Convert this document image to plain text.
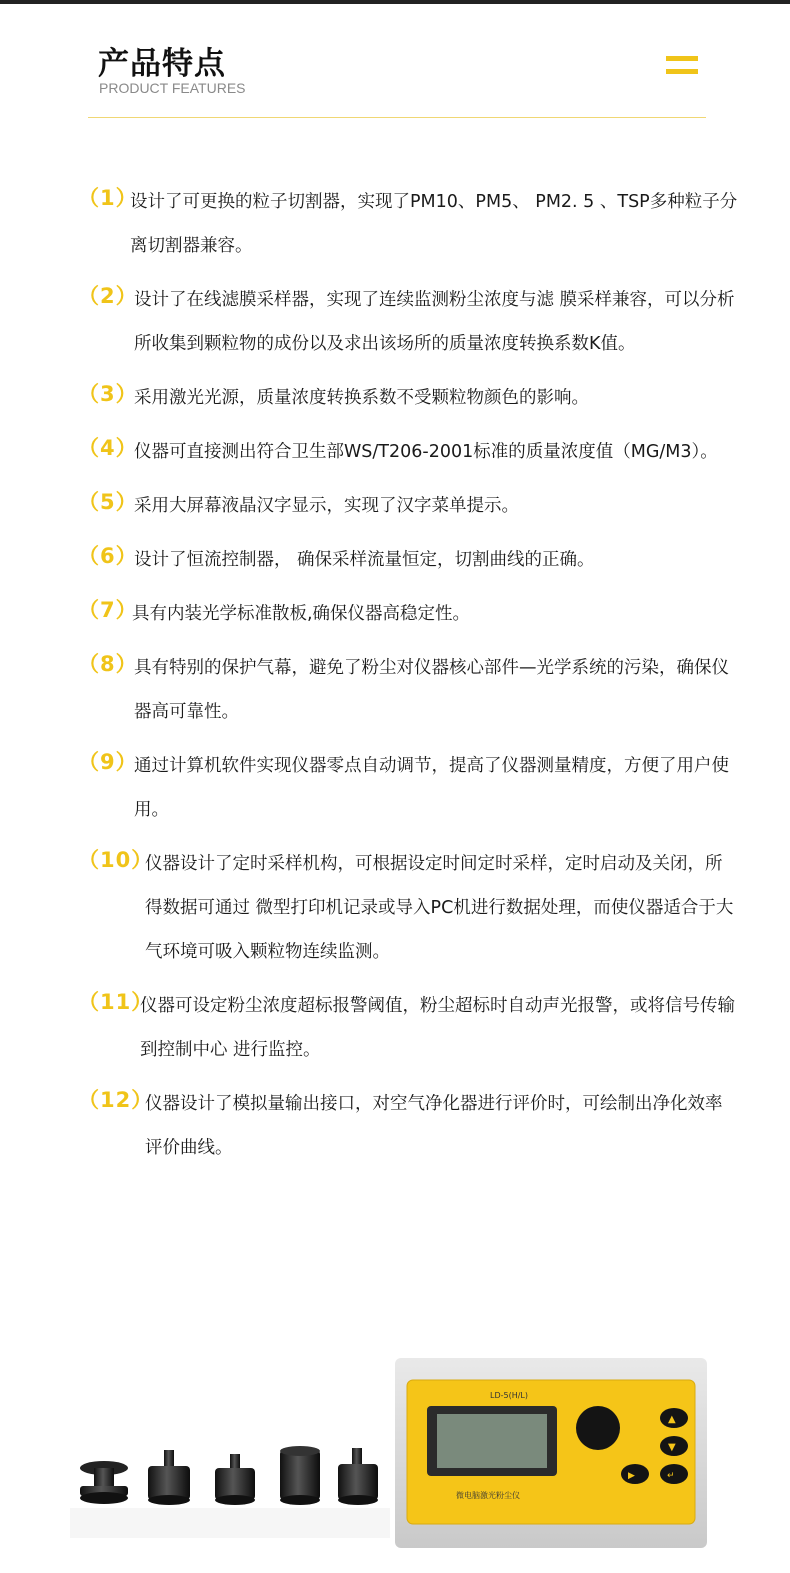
产品特点
PRODUCT FEATURES
（1）
设计了可更换的粒子切割器，实现了PM10、PM5、 PM2. 5 、TSP多种粒子分离切割器兼容。
（2）
设计了在线滤膜采样器，实现了连续监测粉尘浓度与滤 膜采样兼容，可以分析所收集到颗粒物的成份以及求出该场所的质量浓度转换系数K值。
（3）
采用激光光源，质量浓度转换系数不受颗粒物颜色的影响。
（4）
仪器可直接测出符合卫生部WS/T206-2001标准的质量浓度值（MG/M3）。
（5）
采用大屏幕液晶汉字显示，实现了汉字菜单提示。
（6）
设计了恒流控制器， 确保采样流量恒定，切割曲线的正确。
（7）
具有内装光学标准散板,确保仪器高稳定性。
（8）
具有特别的保护气幕，避免了粉尘对仪器核心部件—光学系统的污染，确保仪器高可靠性。
（9）
通过计算机软件实现仪器零点自动调节，提高了仪器测量精度，方便了用户使用。
（10）
仪器设计了定时采样机构，可根据设定时间定时采样，定时启动及关闭，所得数据可通过 微型打印机记录或导入PC机进行数据处理，而使仪器适合于大气环境可吸入颗粒物连续监测。
（11）
仪器可设定粉尘浓度超标报警阈值，粉尘超标时自动声光报警，或将信号传输到控制中心 进行监控。
（12）
仪器设计了模拟量输出接口，对空气净化器进行评价时，可绘制出净化效率评价曲线。
LD-5(H/L)
微电脑激光粉尘仪
▲
▼
▶	↵
